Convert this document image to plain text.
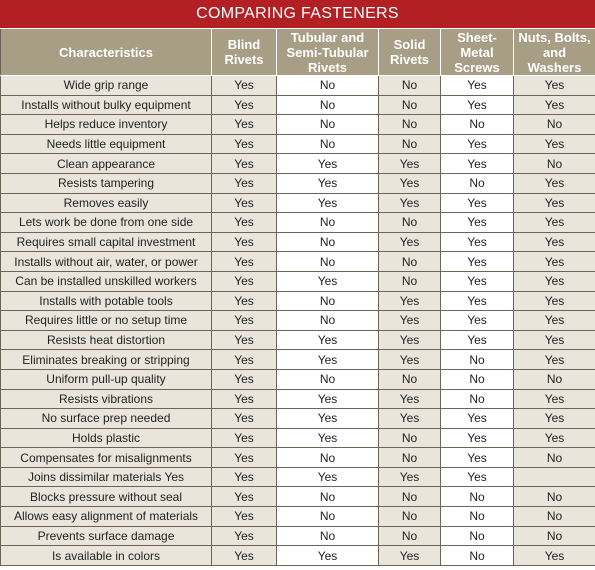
COMPARING FASTENERS
Characteristics	Blind Rivets	Tubular and Semi-Tubular Rivets	Solid Rivets	Sheet-Metal Screws	Nuts, Bolts, and Washers
Wide grip range	Yes	No	No	Yes	Yes
Installs without bulky equipment	Yes	No	No	Yes	Yes
Helps reduce inventory	Yes	No	No	No	No
Needs little equipment	Yes	No	No	Yes	Yes
Clean appearance	Yes	Yes	Yes	Yes	No
Resists tampering	Yes	Yes	Yes	No	Yes
Removes easily	Yes	Yes	Yes	Yes	Yes
Lets work be done from one side	Yes	No	No	Yes	Yes
Requires small capital investment	Yes	No	Yes	Yes	Yes
Installs without air, water, or power	Yes	No	No	Yes	Yes
Can be installed unskilled workers	Yes	Yes	No	Yes	Yes
Installs with potable tools	Yes	No	Yes	Yes	Yes
Requires little or no setup time	Yes	No	Yes	Yes	Yes
Resists heat distortion	Yes	Yes	Yes	Yes	Yes
Eliminates breaking or stripping	Yes	Yes	Yes	No	Yes
Uniform pull-up quality	Yes	No	No	No	No
Resists vibrations	Yes	Yes	Yes	No	Yes
No surface prep needed	Yes	Yes	Yes	Yes	Yes
Holds plastic	Yes	Yes	No	Yes	Yes
Compensates for misalignments	Yes	No	No	Yes	No
Joins dissimilar materials Yes	Yes	Yes	Yes	Yes	
Blocks pressure without seal	Yes	No	No	No	No
Allows easy alignment of materials	Yes	No	No	No	No
Prevents surface damage	Yes	No	No	No	No
Is available in colors	Yes	Yes	Yes	No	Yes
